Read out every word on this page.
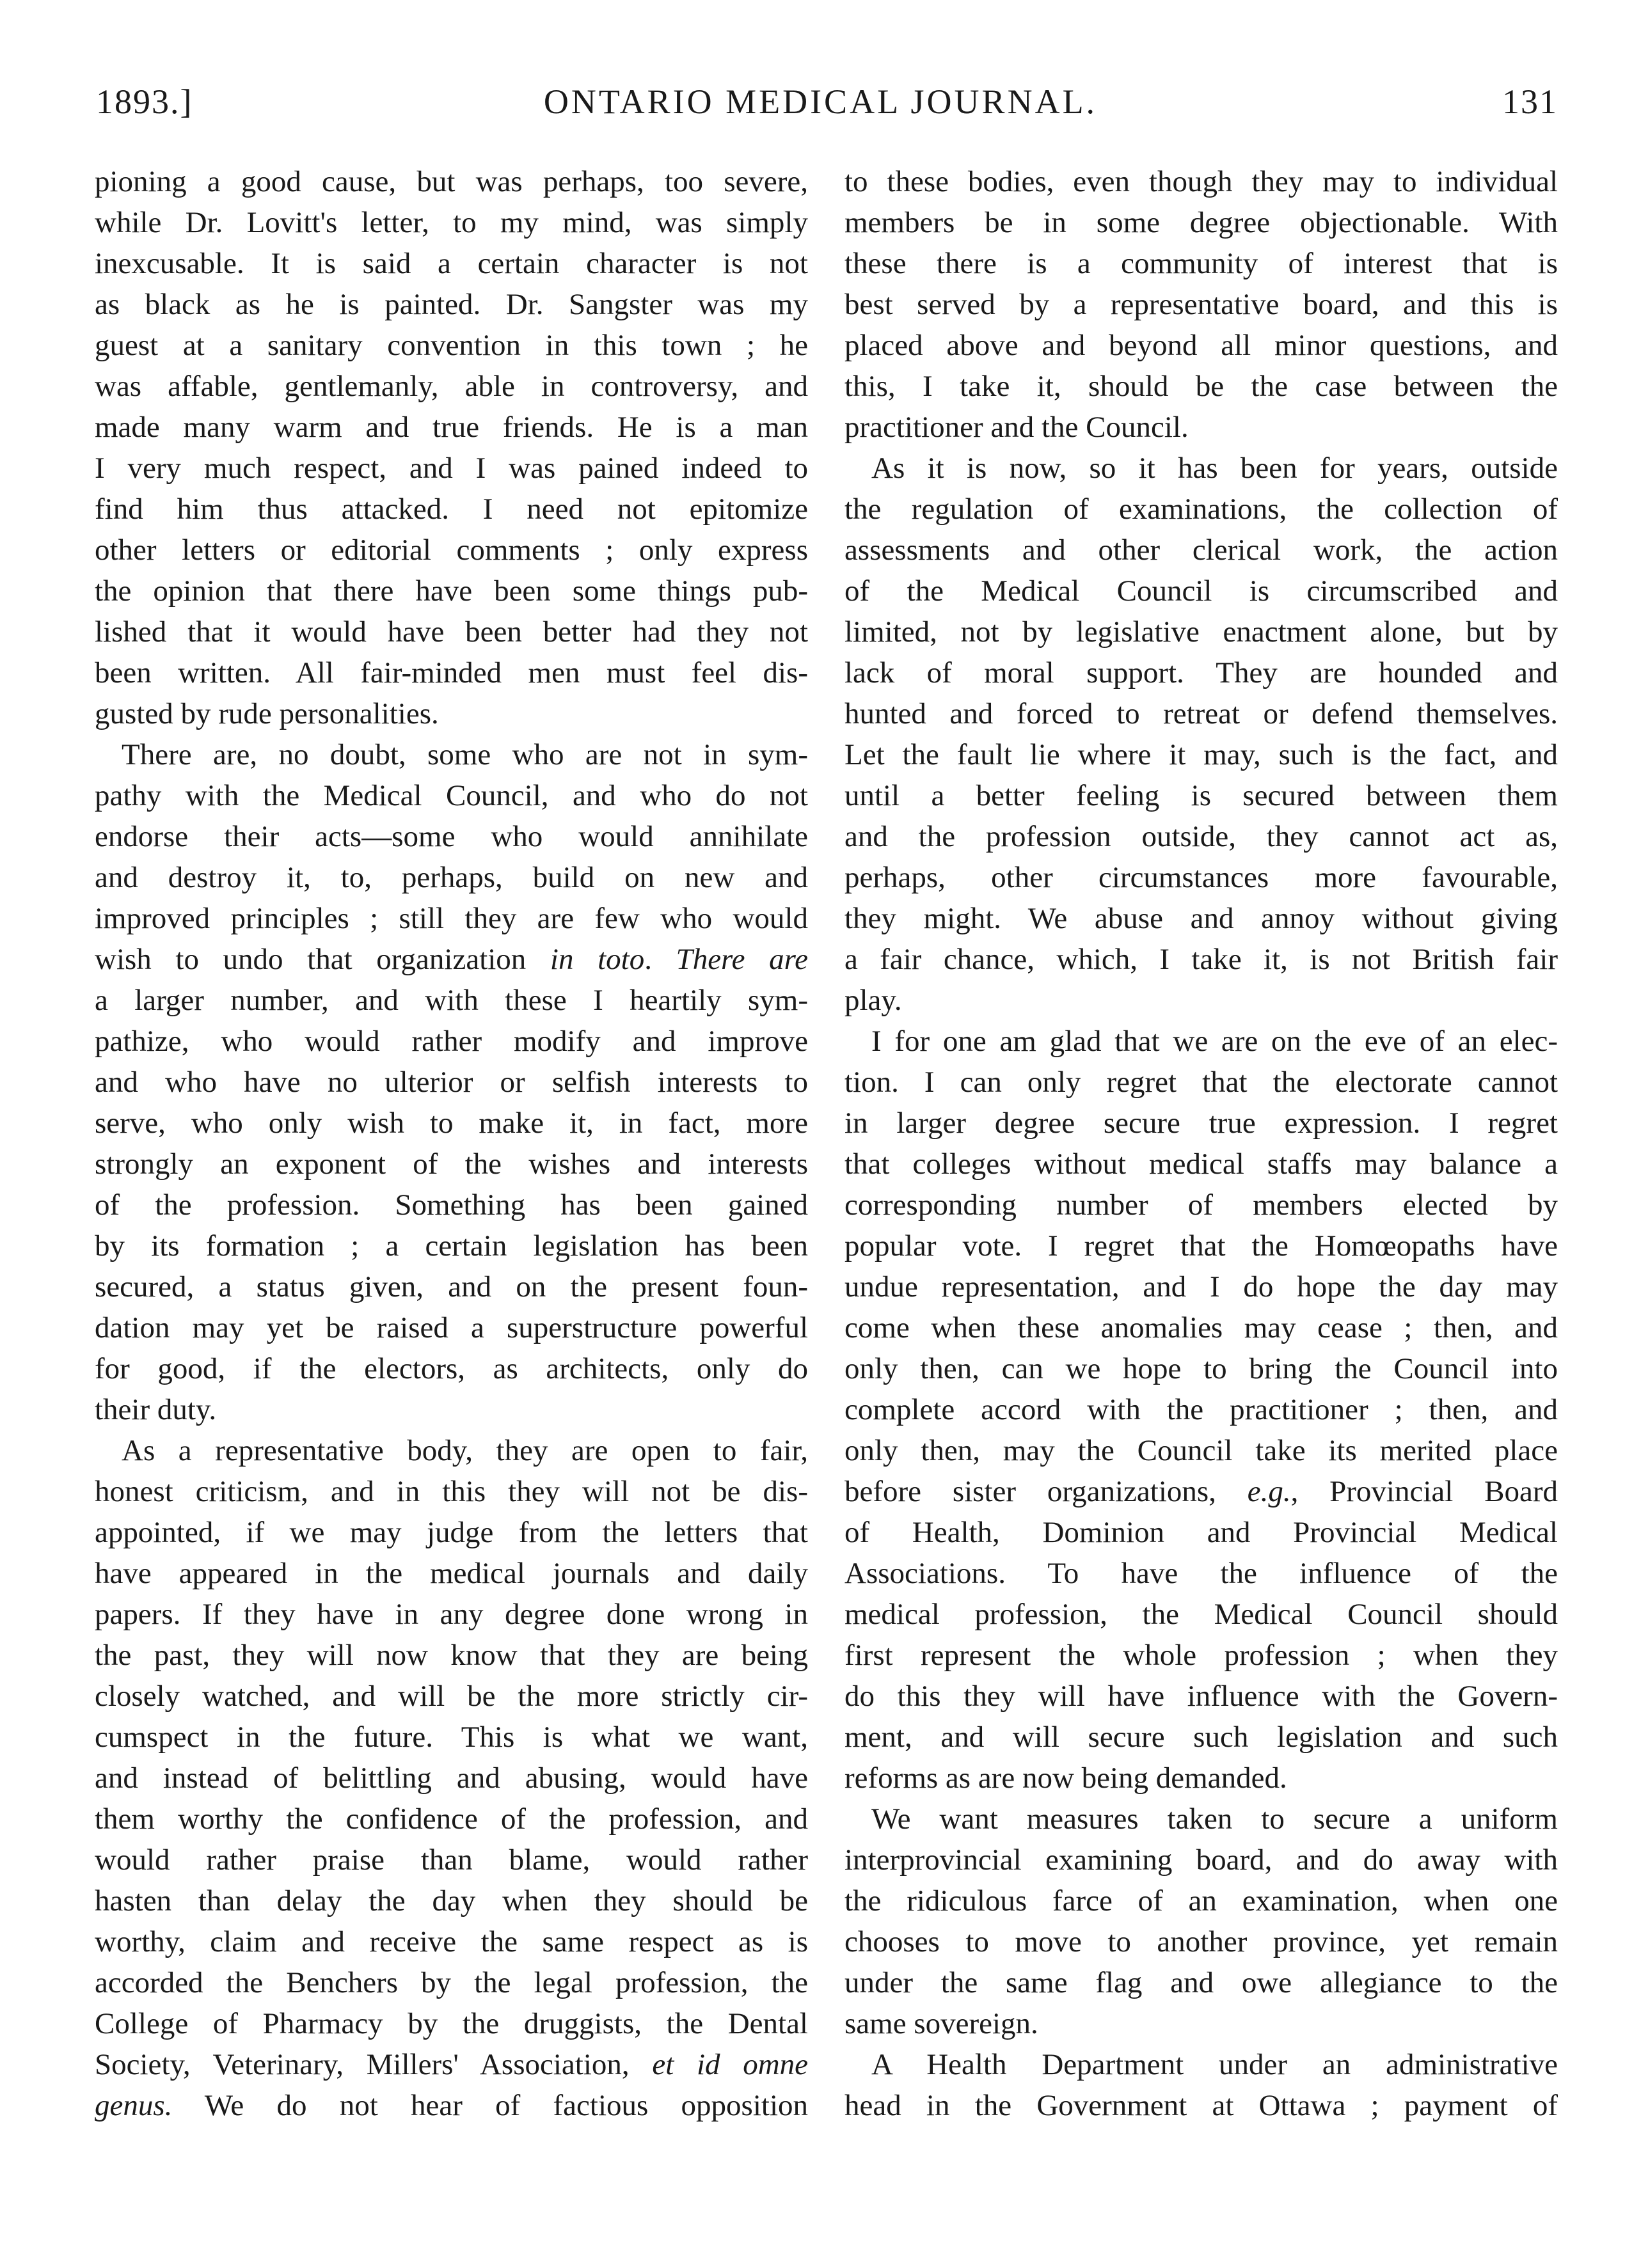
1893.]	ONTARIO MEDICAL JOURNAL.	131
pioning a good cause, but was perhaps, too severe,
while Dr. Lovitt's letter, to my mind, was simply
inexcusable. It is said a certain character is not
as black as he is painted. Dr. Sangster was my
guest at a sanitary convention in this town ; he
was affable, gentlemanly, able in controversy, and
made many warm and true friends. He is a man
I very much respect, and I was pained indeed to
find him thus attacked. I need not epitomize
other letters or editorial comments ; only express
the opinion that there have been some things pub-
lished that it would have been better had they not
been written. All fair-minded men must feel dis-
gusted by rude personalities.
There are, no doubt, some who are not in sym-
pathy with the Medical Council, and who do not
endorse their acts—some who would annihilate
and destroy it, to, perhaps, build on new and
improved principles ; still they are few who would
wish to undo that organization in toto. There are
a larger number, and with these I heartily sym-
pathize, who would rather modify and improve
and who have no ulterior or selfish interests to
serve, who only wish to make it, in fact, more
strongly an exponent of the wishes and interests
of the profession. Something has been gained
by its formation ; a certain legislation has been
secured, a status given, and on the present foun-
dation may yet be raised a superstructure powerful
for good, if the electors, as architects, only do
their duty.
As a representative body, they are open to fair,
honest criticism, and in this they will not be dis-
appointed, if we may judge from the letters that
have appeared in the medical journals and daily
papers. If they have in any degree done wrong in
the past, they will now know that they are being
closely watched, and will be the more strictly cir-
cumspect in the future. This is what we want,
and instead of belittling and abusing, would have
them worthy the confidence of the profession, and
would rather praise than blame, would rather
hasten than delay the day when they should be
worthy, claim and receive the same respect as is
accorded the Benchers by the legal profession, the
College of Pharmacy by the druggists, the Dental
Society, Veterinary, Millers' Association, et id omne
genus. We do not hear of factious opposition
to these bodies, even though they may to individual
members be in some degree objectionable. With
these there is a community of interest that is
best served by a representative board, and this is
placed above and beyond all minor questions, and
this, I take it, should be the case between the
practitioner and the Council.
As it is now, so it has been for years, outside
the regulation of examinations, the collection of
assessments and other clerical work, the action
of the Medical Council is circumscribed and
limited, not by legislative enactment alone, but by
lack of moral support. They are hounded and
hunted and forced to retreat or defend themselves.
Let the fault lie where it may, such is the fact, and
until a better feeling is secured between them
and the profession outside, they cannot act as,
perhaps, other circumstances more favourable,
they might. We abuse and annoy without giving
a fair chance, which, I take it, is not British fair
play.
I for one am glad that we are on the eve of an elec-
tion. I can only regret that the electorate cannot
in larger degree secure true expression. I regret
that colleges without medical staffs may balance a
corresponding number of members elected by
popular vote. I regret that the Homœopaths have
undue representation, and I do hope the day may
come when these anomalies may cease ; then, and
only then, can we hope to bring the Council into
complete accord with the practitioner ; then, and
only then, may the Council take its merited place
before sister organizations, e.g., Provincial Board
of Health, Dominion and Provincial Medical
Associations. To have the influence of the
medical profession, the Medical Council should
first represent the whole profession ; when they
do this they will have influence with the Govern-
ment, and will secure such legislation and such
reforms as are now being demanded.
We want measures taken to secure a uniform
interprovincial examining board, and do away with
the ridiculous farce of an examination, when one
chooses to move to another province, yet remain
under the same flag and owe allegiance to the
same sovereign.
A Health Department under an administrative
head in the Government at Ottawa ; payment of
